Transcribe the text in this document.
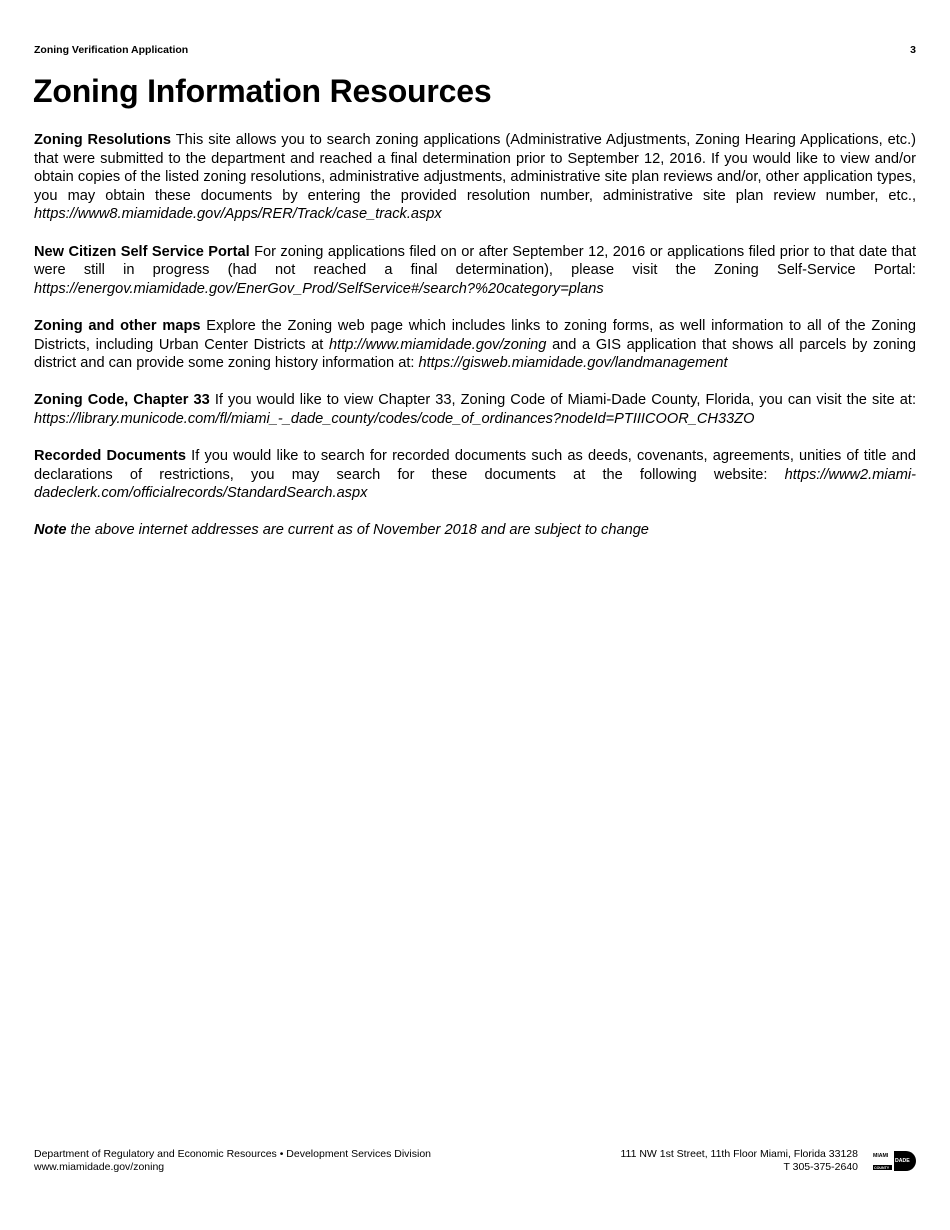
Zoning Verification Application	3
Zoning Information Resources

Zoning Resolutions This site allows you to search zoning applications (Administrative Adjustments, Zoning Hearing Applications, etc.) that were submitted to the department and reached a final determination prior to September 12, 2016. If you would like to view and/or obtain copies of the listed zoning resolutions, administrative adjustments, administrative site plan reviews and/or, other application types, you may obtain these documents by entering the provided resolution number, administrative site plan review number, etc., https://www8.miamidade.gov/Apps/RER/Track/case_track.aspx

New Citizen Self Service Portal For zoning applications filed on or after September 12, 2016 or applications filed prior to that date that were still in progress (had not reached a final determination), please visit the Zoning Self-Service Portal: https://energov.miamidade.gov/EnerGov_Prod/SelfService#/search?%20category=plans

Zoning and other maps Explore the Zoning web page which includes links to zoning forms, as well information to all of the Zoning Districts, including Urban Center Districts at http://www.miamidade.gov/zoning and a GIS application that shows all parcels by zoning district and can provide some zoning history information at: https://gisweb.miamidade.gov/landmanagement

Zoning Code, Chapter 33 If you would like to view Chapter 33, Zoning Code of Miami-Dade County, Florida, you can visit the site at: https://library.municode.com/fl/miami_-_dade_county/codes/code_of_ordinances?nodeId=PTIIICOOR_CH33ZO

Recorded Documents If you would like to search for recorded documents such as deeds, covenants, agreements, unities of title and declarations of restrictions, you may search for these documents at the following website: https://www2.miami-dadeclerk.com/officialrecords/StandardSearch.aspx

Note the above internet addresses are current as of November 2018 and are subject to change

Department of Regulatory and Economic Resources • Development Services Division
www.miamidade.gov/zoning
111 NW 1st Street, 11th Floor Miami, Florida 33128
T 305-375-2640
MIAMI
DADE
COUNTY
